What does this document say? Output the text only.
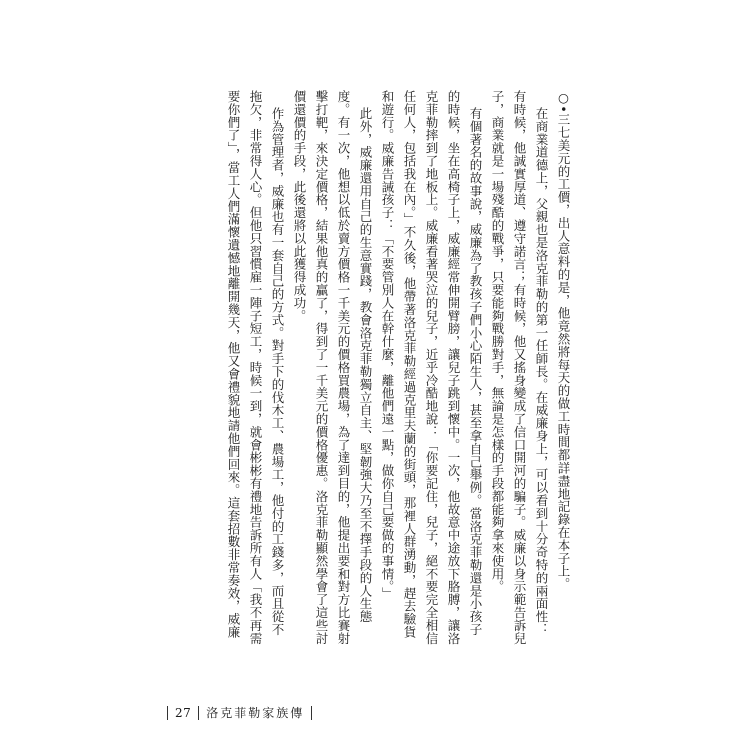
○•三七美元的工價，出人意料的是，他竟然將每天的做工時間都詳盡地記錄在本子上。
在商業道德上，父親也是洛克菲勒的第一任師長。在威廉身上，可以看到十分奇特的兩面性：
有時候，他誠實厚道、遵守諾言；有時候，他又搖身變成了信口開河的騙子。威廉以身示範告訴兒
子，商業就是一場殘酷的戰爭，只要能夠戰勝對手，無論是怎樣的手段都能夠拿來使用。
有個著名的故事說，威廉為了教孩子們小心陌生人，甚至拿自己舉例。當洛克菲勒還是小孩子
的時候，坐在高椅子上，威廉經常伸開臂膀，讓兒子跳到懷中。一次，他故意中途放下胳膊，讓洛
克菲勒摔到了地板上。威廉看著哭泣的兒子，近乎冷酷地說：「你要記住，兒子，絕不要完全相信
任何人，包括我在內。」不久後，他帶著洛克菲勒經過克里夫蘭的街頭，那裡人群湧動，趕去驗貨
和遊行。威廉告誡孩子：「不要管別人在幹什麼，離他們遠一點，做你自己要做的事情。」
此外，威廉還用自己的生意實踐，教會洛克菲勒獨立自主、堅韌強大乃至不擇手段的人生態
度。有一次，他想以低於賣方價格一千美元的價格買農場，為了達到目的，他提出要和對方比賽射
擊打靶，來決定價格，結果他真的贏了，得到了一千美元的價格優惠。洛克菲勒顯然學會了這些討
價還價的手段，此後還將以此獲得成功。
作為管理者，威廉也有一套自己的方式。對手下的伐木工、農場工，他付的工錢多，而且從不
拖欠，非常得人心。但他只習慣雇一陣子短工，時候一到，就會彬彬有禮地告訴所有人「我不再需
要你們了」，當工人們滿懷遺憾地離開幾天，他又會禮貌地請他們回來。這套招數非常奏效，威廉
27 洛克菲勒家族傳
